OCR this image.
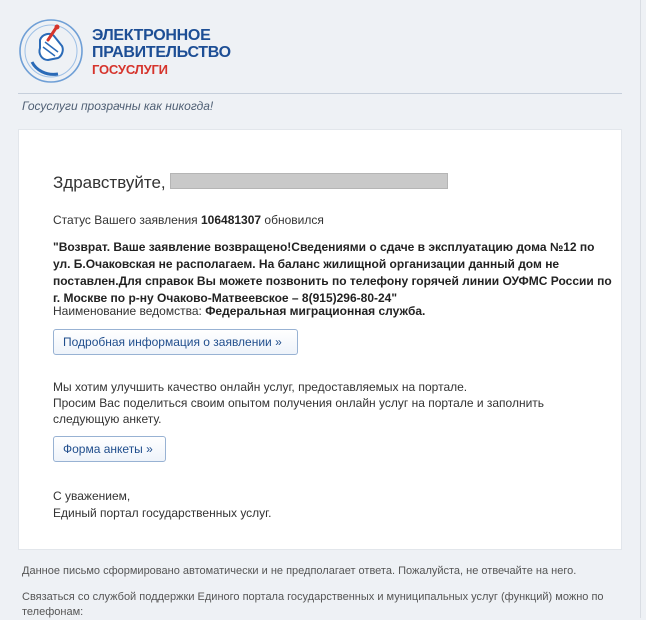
ЭЛЕКТРОННОЕ
ПРАВИТЕЛЬСТВО
ГОСУСЛУГИ
Госуслуги прозрачны как никогда!
Здравствуйте,
Статус Вашего заявления 106481307 обновился
"Возврат. Ваше заявление возвращено!Сведениями о сдаче в эксплуатацию дома №12 по ул. Б.Очаковская не располагаем. На баланс жилищной организации данный дом не поставлен.Для справок Вы можете позвонить по телефону горячей линии ОУФМС России по г. Москве по р-ну Очаково-Матвеевское – 8(915)296-80-24"
Наименование ведомства: Федеральная миграционная служба.
Подробная информация о заявлении »
Мы хотим улучшить качество онлайн услуг, предоставляемых на портале.
Просим Вас поделиться своим опытом получения онлайн услуг на портале и заполнить следующую анкету.
Форма анкеты »
С уважением,
Единый портал государственных услуг.
Данное письмо сформировано автоматически и не предполагает ответа. Пожалуйста, не отвечайте на него.
Связаться со службой поддержки Единого портала государственных и муниципальных услуг (функций) можно по телефонам:
